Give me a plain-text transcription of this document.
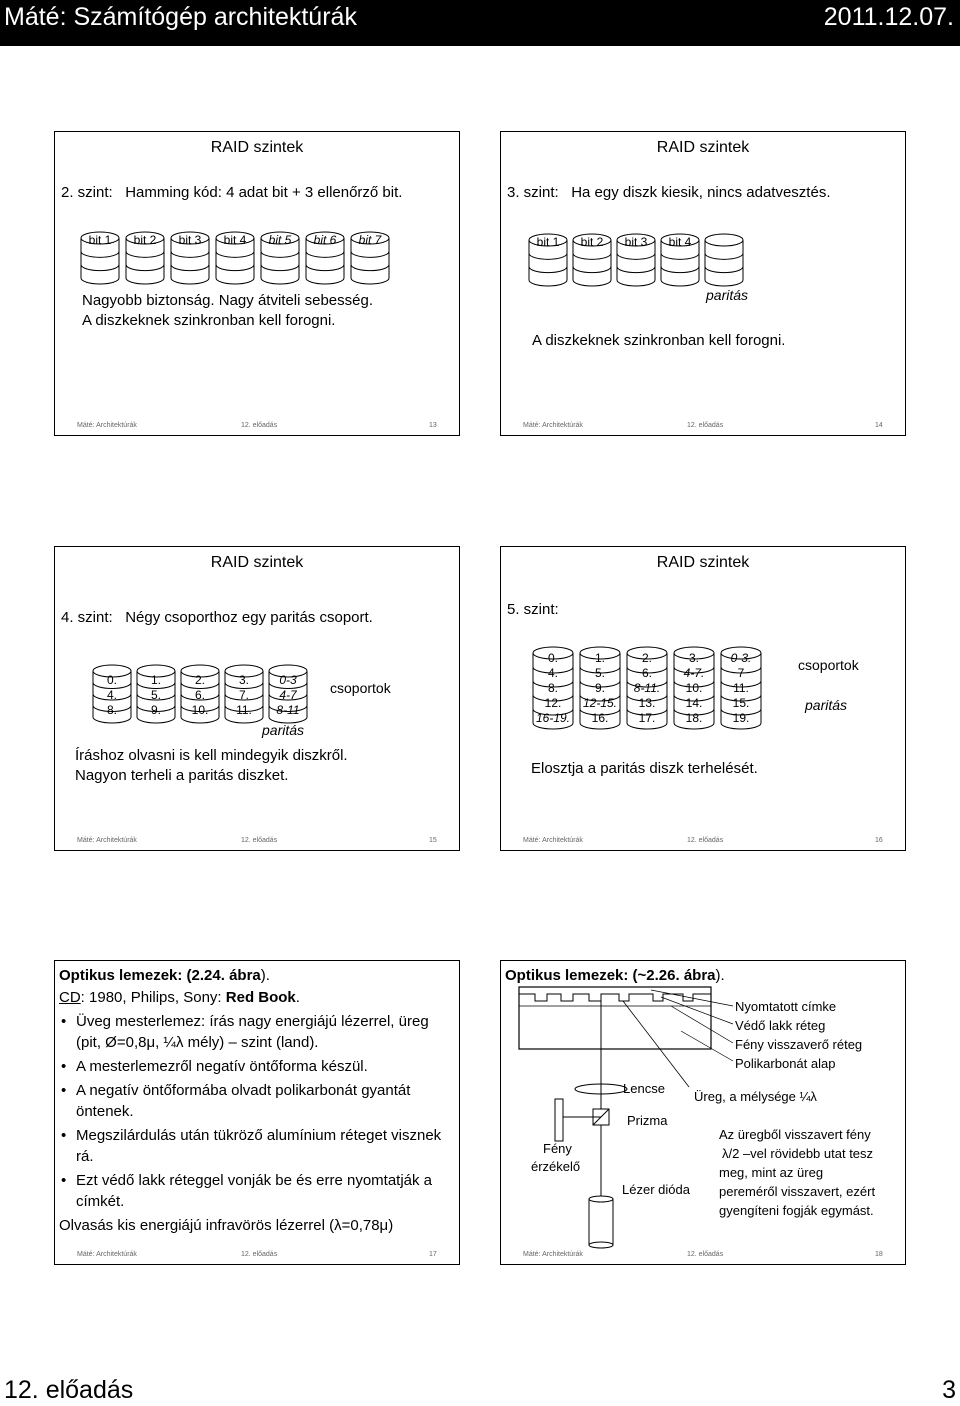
Máté: Számítógép architektúrák	2011.12.07.
RAID szintek
2. szint: Hamming kód: 4 adat bit + 3 ellenőrző bit.
bit 1 bit 2 bit 3 bit 4 bit 5 bit 6 bit 7
Nagyobb biztonság. Nagy átviteli sebesség.
A diszkeknek szinkronban kell forogni.
Máté: Architektúrák	12. előadás	13
RAID szintek
3. szint: Ha egy diszk kiesik, nincs adatvesztés.
bit 1 bit 2 bit 3 bit 4
paritás
A diszkeknek szinkronban kell forogni.
Máté: Architektúrák	12. előadás	14
RAID szintek
4. szint: Négy csoporthoz egy paritás csoport.
0.
4.
8.
1.
5.
9.
2.
6.
10.
3.
7.
11.
0-3
4-7
8-11
csoportok
paritás
Íráshoz olvasni is kell mindegyik diszkről.
Nagyon terheli a paritás diszket.
Máté: Architektúrák	12. előadás	15
RAID szintek
5. szint:
0.
4.
8.
12.
16-19.
1.
5.
9.
12-15.
16.
2.
6.
8-11.
13.
17.
3.
4-7.
10.
14.
18.
0-3.
7
11.
15.
19.
csoportok
paritás
Elosztja a paritás diszk terhelését.
Máté: Architektúrák	12. előadás	16
Optikus lemezek: (2.24. ábra).
CD: 1980, Philips, Sony: Red Book.
• Üveg mesterlemez: írás nagy energiájú lézerrel, üreg (pit, Ø=0,8μ, ¼λ mély) – szint (land).
• A mesterlemezről negatív öntőforma készül.
• A negatív öntőformába olvadt polikarbonát gyantát öntenek.
• Megszilárdulás után tükröző alumínium réteget visznek rá.
• Ezt védő lakk réteggel vonják be és erre nyomtatják a címkét.
Olvasás kis energiájú infravörös lézerrel (λ=0,78μ)
Máté: Architektúrák	12. előadás	17
Optikus lemezek: (~2.26. ábra).
Nyomtatott címke
Védő lakk réteg
Fény visszaverő réteg
Polikarbonát alap
Lencse
Üreg, a mélysége ¼λ
Prizma
Fény
érzékelő
Lézer dióda
Az üregből visszavert fény
λ/2 –vel rövidebb utat tesz
meg, mint az üreg
pereméről visszavert, ezért
gyengíteni fogják egymást.
Máté: Architektúrák	12. előadás	18
12. előadás	3
